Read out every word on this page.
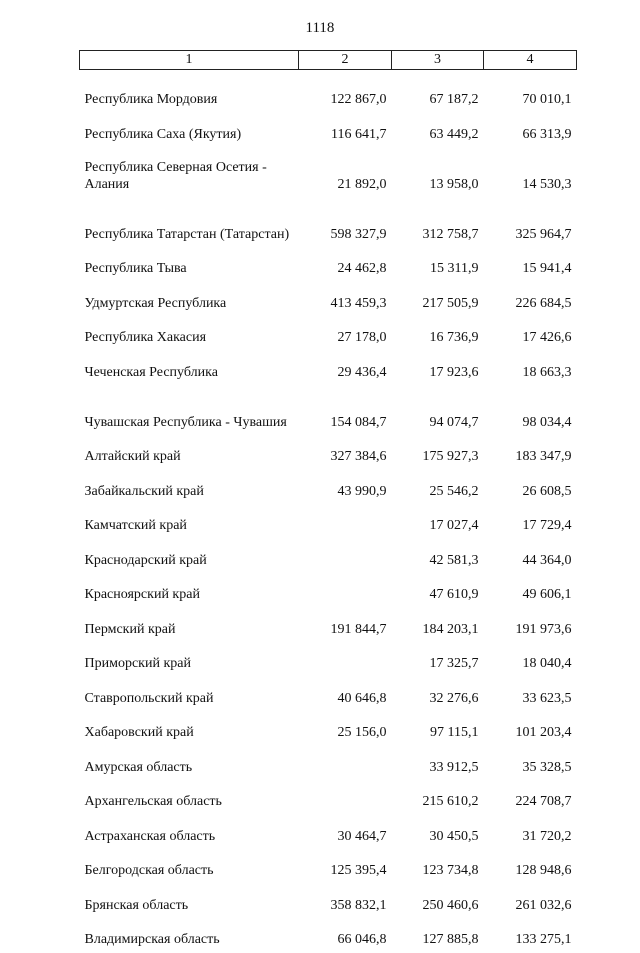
1118
1	2	3	4
Республика Мордовия	122 867,0	67 187,2	70 010,1
Республика Саха (Якутия)	116 641,7	63 449,2	66 313,9
Республика Северная Осетия - Алания	21 892,0	13 958,0	14 530,3
Республика Татарстан (Татарстан)	598 327,9	312 758,7	325 964,7
Республика Тыва	24 462,8	15 311,9	15 941,4
Удмуртская Республика	413 459,3	217 505,9	226 684,5
Республика Хакасия	27 178,0	16 736,9	17 426,6
Чеченская Республика	29 436,4	17 923,6	18 663,3
Чувашская Республика - Чувашия	154 084,7	94 074,7	98 034,4
Алтайский край	327 384,6	175 927,3	183 347,9
Забайкальский край	43 990,9	25 546,2	26 608,5
Камчатский край		17 027,4	17 729,4
Краснодарский край		42 581,3	44 364,0
Красноярский край		47 610,9	49 606,1
Пермский край	191 844,7	184 203,1	191 973,6
Приморский край		17 325,7	18 040,4
Ставропольский край	40 646,8	32 276,6	33 623,5
Хабаровский край	25 156,0	97 115,1	101 203,4
Амурская область		33 912,5	35 328,5
Архангельская область		215 610,2	224 708,7
Астраханская область	30 464,7	30 450,5	31 720,2
Белгородская область	125 395,4	123 734,8	128 948,6
Брянская область	358 832,1	250 460,6	261 032,6
Владимирская область	66 046,8	127 885,8	133 275,1
